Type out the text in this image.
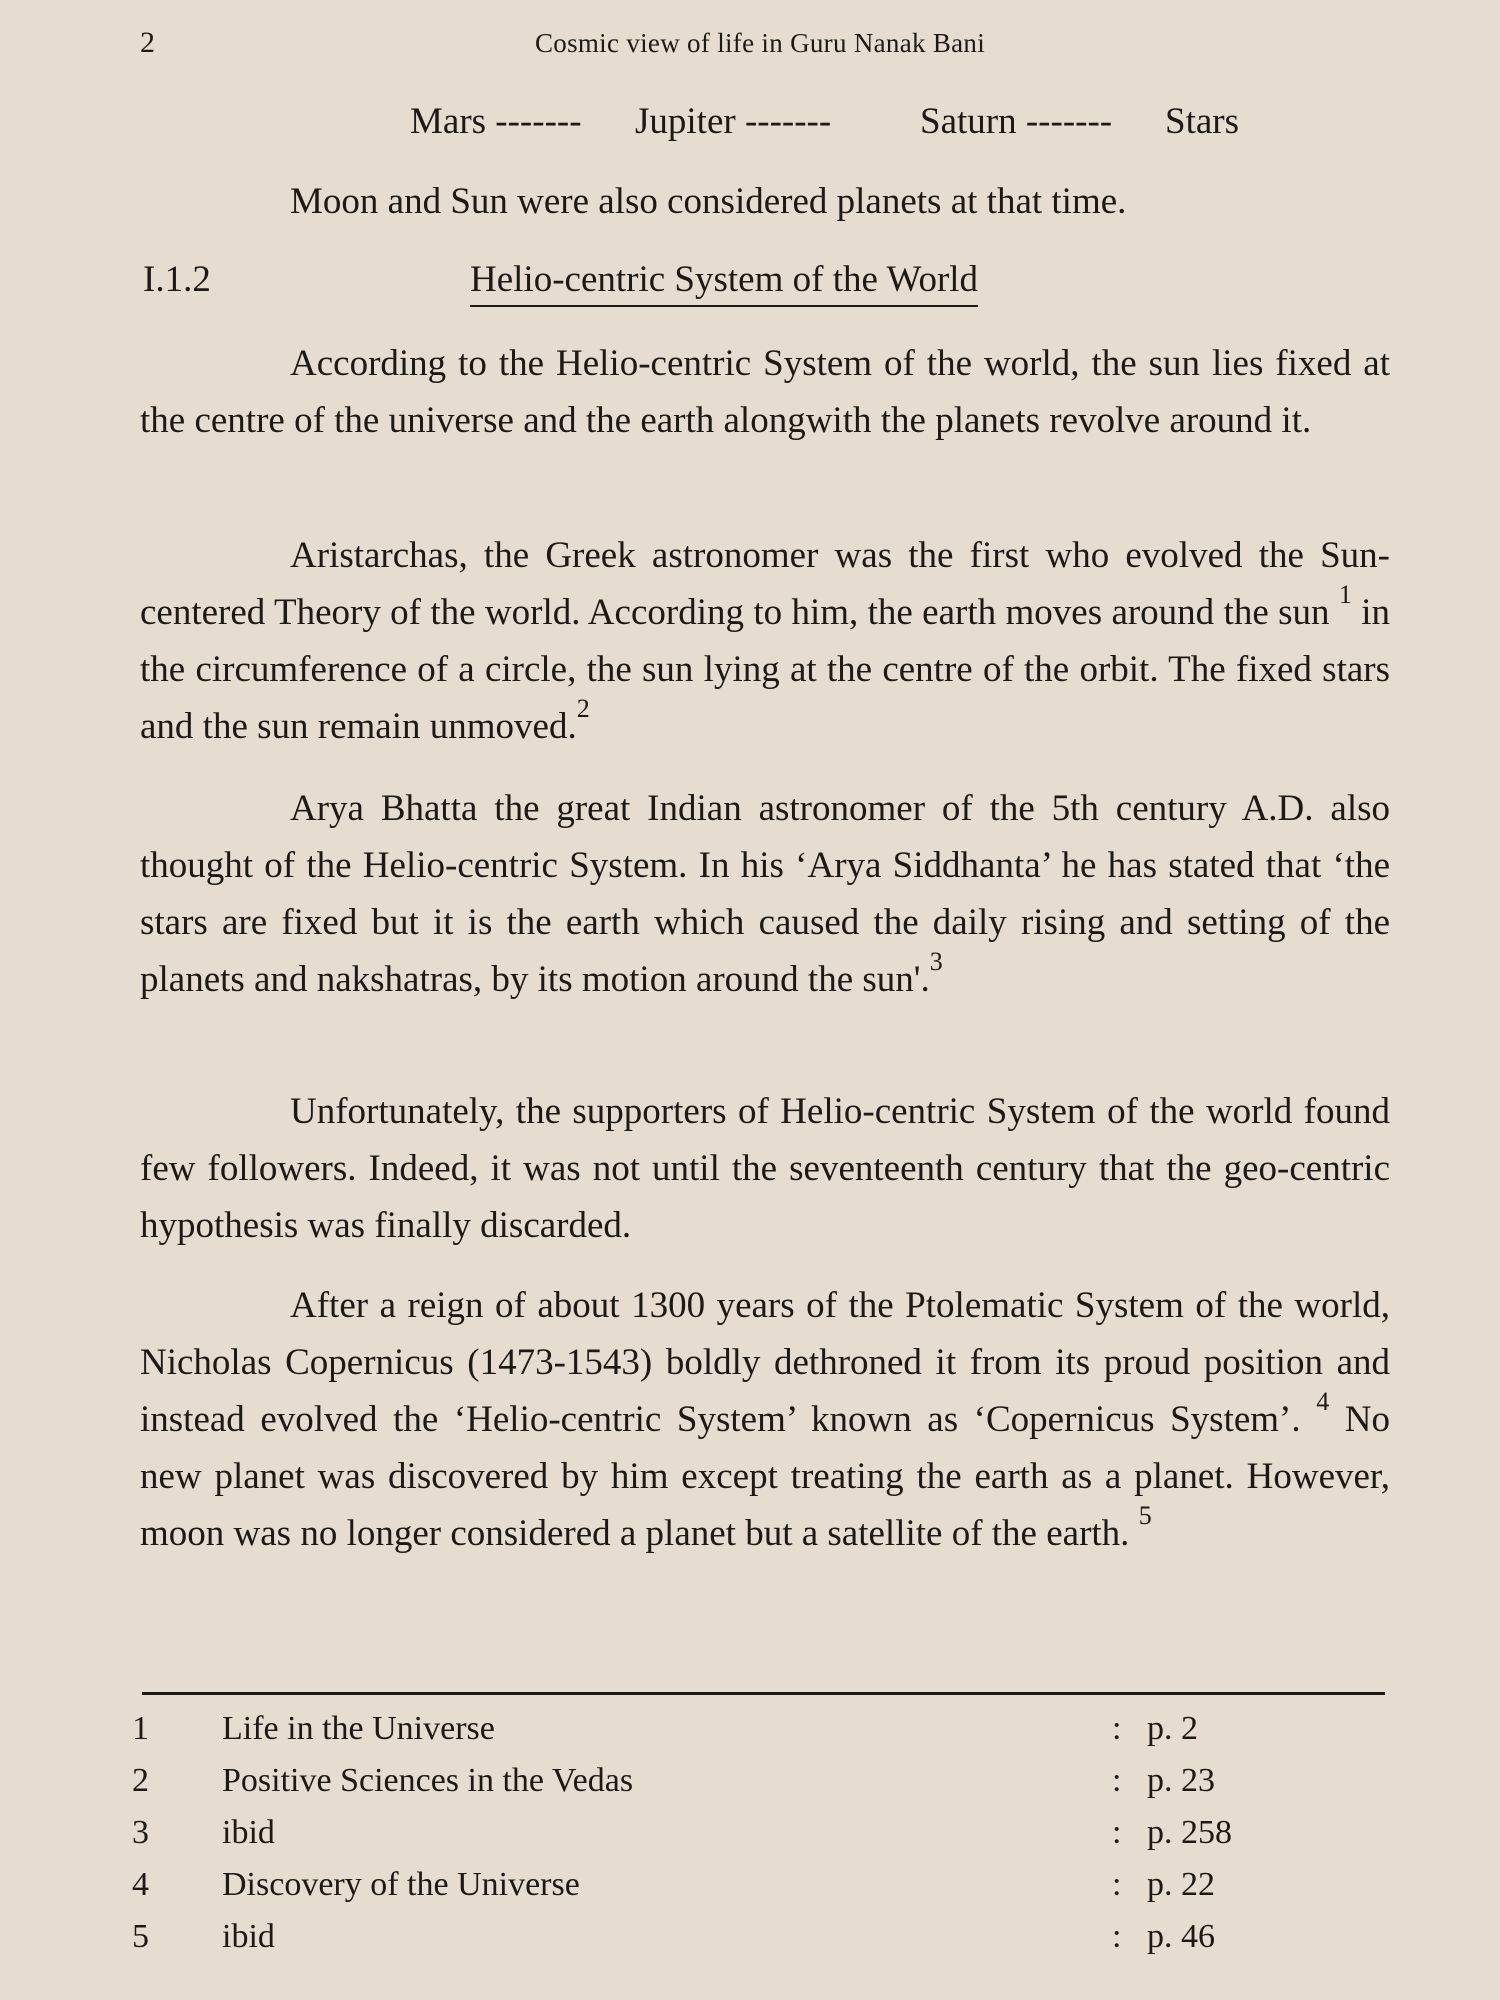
2	Cosmic view of life in Guru Nanak Bani
Mars ------- Jupiter ------- Saturn ------- Stars
Moon and Sun were also considered planets at that time.
I.1.2	Helio-centric System of the World

According to the Helio-centric System of the world, the sun lies fixed at the centre of the universe and the earth alongwith the planets revolve around it.

Aristarchas, the Greek astronomer was the first who evolved the Sun-centered Theory of the world. According to him, the earth moves around the sun $^1$ in the circumference of a circle, the sun lying at the centre of the orbit. The fixed stars and the sun remain unmoved.$^2$

Arya Bhatta the great Indian astronomer of the 5th century A.D. also thought of the Helio-centric System. In his ‘Arya Siddhanta’ he has stated that ‘the stars are fixed but it is the earth which caused the daily rising and setting of the planets and nakshatras, by its motion around the sun'.$^3$

Unfortunately, the supporters of Helio-centric System of the world found few followers. Indeed, it was not until the seventeenth century that the geo-centric hypothesis was finally discarded.

After a reign of about 1300 years of the Ptolematic System of the world, Nicholas Copernicus (1473-1543) boldly dethroned it from its proud position and instead evolved the ‘Helio-centric System’ known as ‘Copernicus System’. $^4$ No new planet was discovered by him except treating the earth as a planet. However, moon was no longer considered a planet but a satellite of the earth. $^5$

1	Life in the Universe	: p. 2
2	Positive Sciences in the Vedas	: p. 23
3	ibid	: p. 258
4	Discovery of the Universe	: p. 22
5	ibid	: p. 46
